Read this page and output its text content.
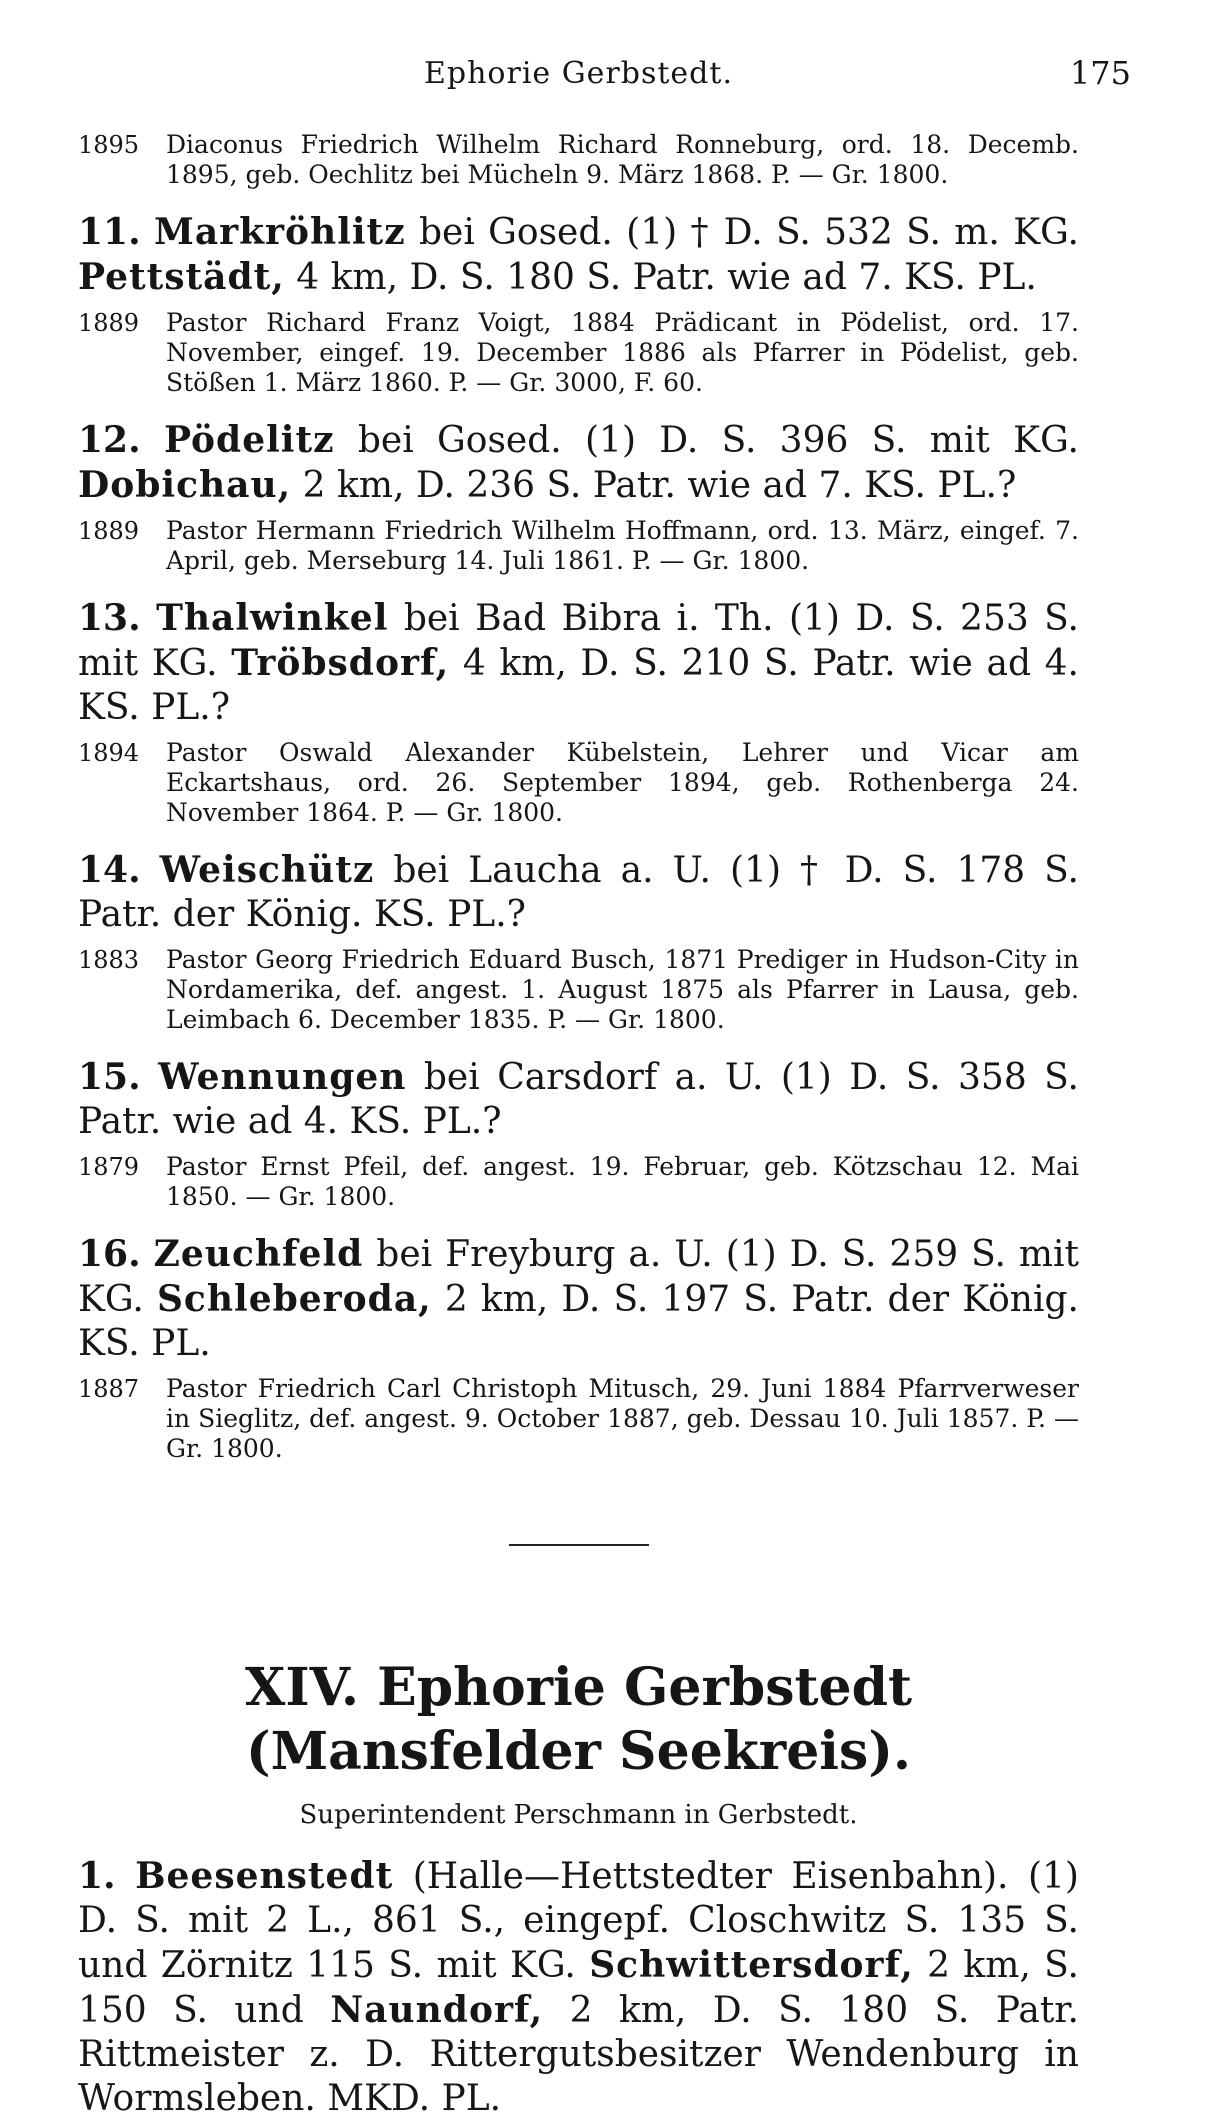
Ephorie Gerbstedt.	175
1895	Diaconus Friedrich Wilhelm Richard Ronneburg, ord. 18. Decemb. 1895, geb. Oechlitz bei Mücheln 9. März 1868. P. — Gr. 1800.

11. Markröhlitz bei Gosed. (1) † D. S. 532 S. m. KG. Pettstädt, 4 km, D. S. 180 S. Patr. wie ad 7. KS. PL.

1889	Pastor Richard Franz Voigt, 1884 Prädicant in Pödelist, ord. 17. November, eingef. 19. December 1886 als Pfarrer in Pödelist, geb. Stößen 1. März 1860. P. — Gr. 3000, F. 60.

12. Pödelitz bei Gosed. (1) D. S. 396 S. mit KG. Dobichau, 2 km, D. 236 S. Patr. wie ad 7. KS. PL.?

1889	Pastor Hermann Friedrich Wilhelm Hoffmann, ord. 13. März, eingef. 7. April, geb. Merseburg 14. Juli 1861. P. — Gr. 1800.

13. Thalwinkel bei Bad Bibra i. Th. (1) D. S. 253 S. mit KG. Tröbsdorf, 4 km, D. S. 210 S. Patr. wie ad 4. KS. PL.?

1894	Pastor Oswald Alexander Kübelstein, Lehrer und Vicar am Eckartshaus, ord. 26. September 1894, geb. Rothenberga 24. November 1864. P. — Gr. 1800.

14. Weischütz bei Laucha a. U. (1) † D. S. 178 S. Patr. der König. KS. PL.?

1883	Pastor Georg Friedrich Eduard Busch, 1871 Prediger in Hudson-City in Nordamerika, def. angest. 1. August 1875 als Pfarrer in Lausa, geb. Leimbach 6. December 1835. P. — Gr. 1800.

15. Wennungen bei Carsdorf a. U. (1) D. S. 358 S. Patr. wie ad 4. KS. PL.?

1879	Pastor Ernst Pfeil, def. angest. 19. Februar, geb. Kötzschau 12. Mai 1850. — Gr. 1800.

16. Zeuchfeld bei Freyburg a. U. (1) D. S. 259 S. mit KG. Schleberoda, 2 km, D. S. 197 S. Patr. der König. KS. PL.

1887	Pastor Friedrich Carl Christoph Mitusch, 29. Juni 1884 Pfarrverweser in Sieglitz, def. angest. 9. October 1887, geb. Dessau 10. Juli 1857. P. — Gr. 1800.
XIV. Ephorie Gerbstedt (Mansfelder Seekreis).
Superintendent Perschmann in Gerbstedt.

1. Beesenstedt (Halle—Hettstedter Eisenbahn). (1) D. S. mit 2 L., 861 S., eingepf. Closchwitz S. 135 S. und Zörnitz 115 S. mit KG. Schwittersdorf, 2 km, S. 150 S. und Naundorf, 2 km, D. S. 180 S. Patr. Rittmeister z. D. Rittergutsbesitzer Wendenburg in Wormsleben. MKD. PL.
